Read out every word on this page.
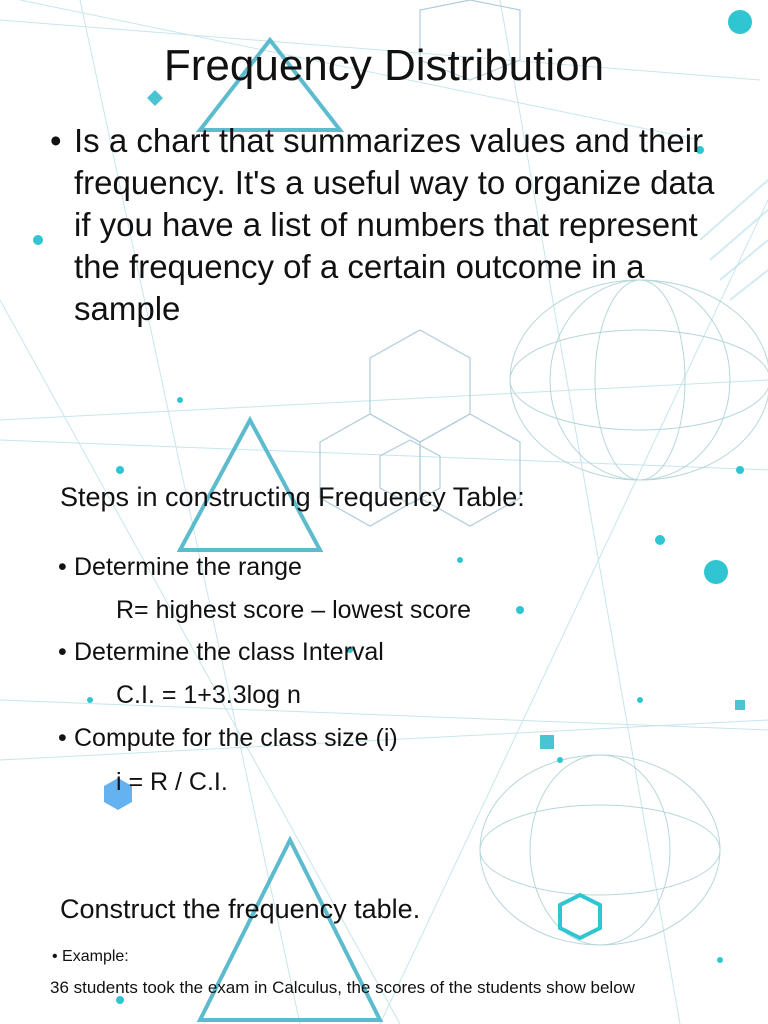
Frequency Distribution
• Is a chart that summarizes values and their frequency. It's a useful way to organize data if you have a list of numbers that represent the frequency of a certain outcome in a sample
Steps in constructing Frequency Table:
• Determine the range
R= highest score – lowest score
• Determine the class Interval
C.I. = 1+3.3log n
• Compute for the class size (i)
i = R / C.I.
Construct the frequency table.
• Example:
36 students took the exam in Calculus, the scores of the students show below
